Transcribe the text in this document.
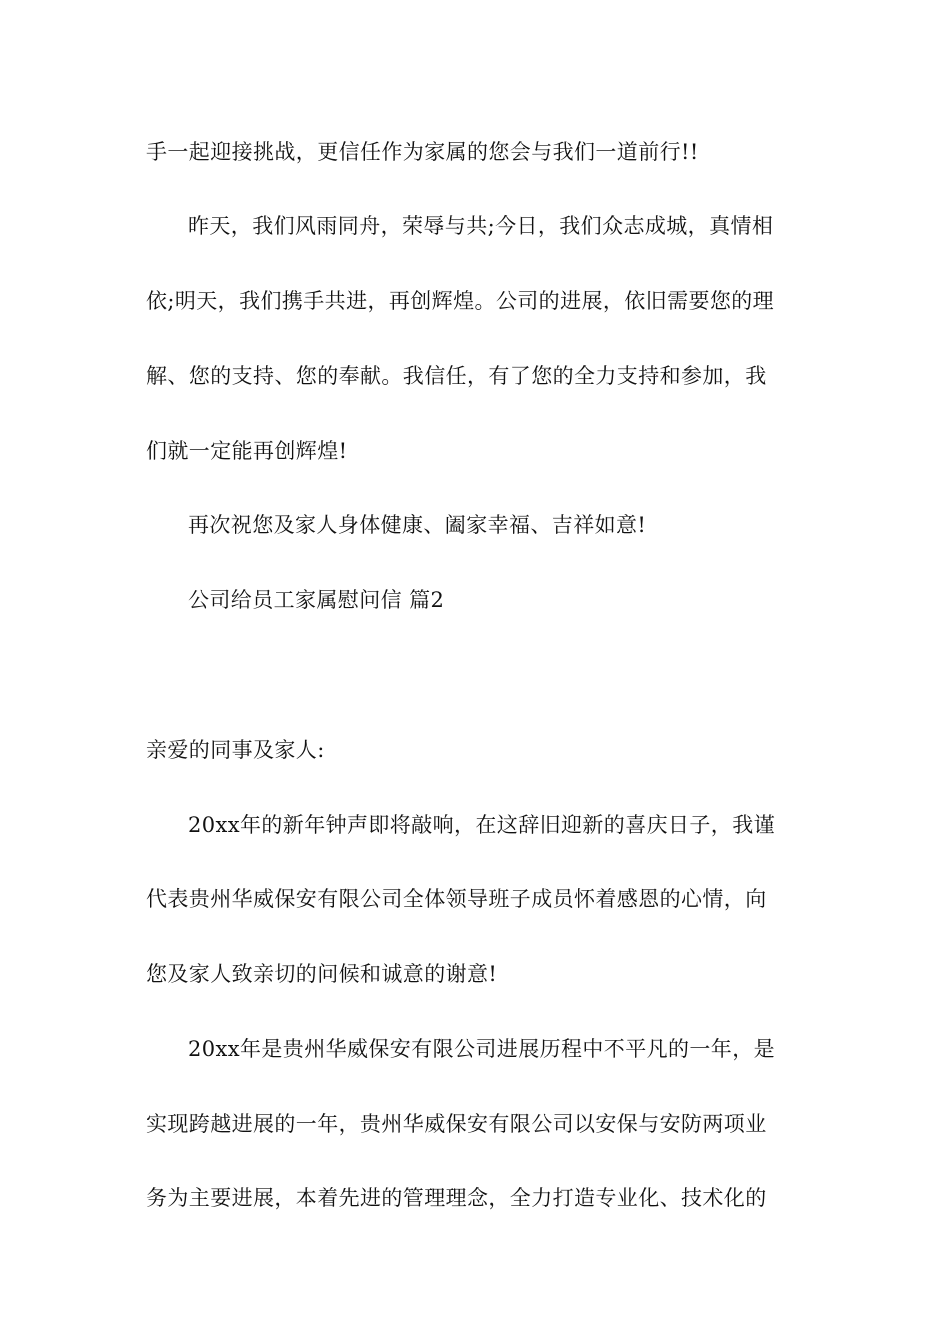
手一起迎接挑战，更信任作为家属的您会与我们一道前行!!
昨天，我们风雨同舟，荣辱与共;今日，我们众志成城，真情相
依;明天，我们携手共进，再创辉煌。公司的进展，依旧需要您的理
解、您的支持、您的奉献。我信任，有了您的全力支持和参加，我
们就一定能再创辉煌!
再次祝您及家人身体健康、阖家幸福、吉祥如意!
公司给员工家属慰问信 篇2
亲爱的同事及家人:
20xx年的新年钟声即将敲响，在这辞旧迎新的喜庆日子，我谨
代表贵州华威保安有限公司全体领导班子成员怀着感恩的心情，向
您及家人致亲切的问候和诚意的谢意!
20xx年是贵州华威保安有限公司进展历程中不平凡的一年，是
实现跨越进展的一年，贵州华威保安有限公司以安保与安防两项业
务为主要进展，本着先进的管理理念，全力打造专业化、技术化的
